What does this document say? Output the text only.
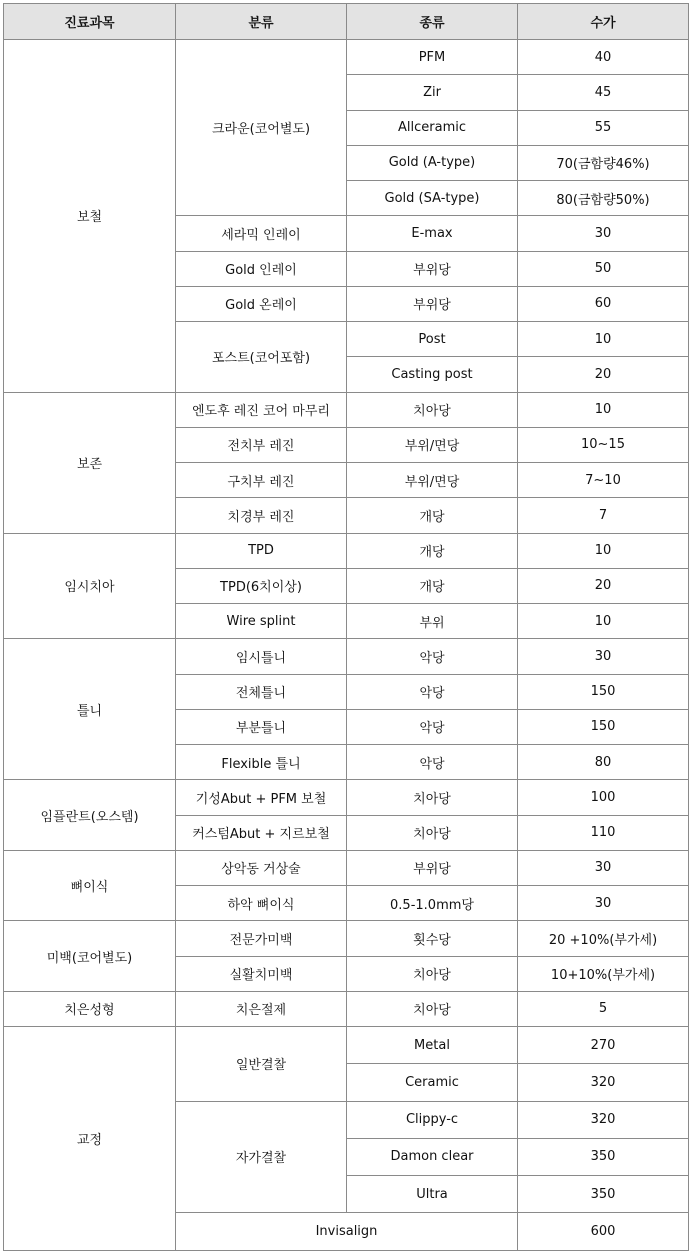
진료과목	분류	종류	수가
보철	크라운(코어별도)	PFM	40
		Zir	45
		Allceramic	55
		Gold (A-type)	70(금함량46%)
		Gold (SA-type)	80(금함량50%)
	세라믹 인레이	E-max	30
	Gold 인레이	부위당	50
	Gold 온레이	부위당	60
	포스트(코어포함)	Post	10
		Casting post	20
보존	엔도후 레진 코어 마무리	치아당	10
	전치부 레진	부위/면당	10~15
	구치부 레진	부위/면당	7~10
	치경부 레진	개당	7
임시치아	TPD	개당	10
	TPD(6치이상)	개당	20
	Wire splint	부위	10
틀니	임시틀니	악당	30
	전체틀니	악당	150
	부분틀니	악당	150
	Flexible 틀니	악당	80
임플란트(오스템)	기성Abut + PFM 보철	치아당	100
	커스텀Abut + 지르보철	치아당	110
뼈이식	상악동 거상술	부위당	30
	하악 뼈이식	0.5-1.0mm당	30
미백(코어별도)	전문가미백	횟수당	20 +10%(부가세)
	실활치미백	치아당	10+10%(부가세)
치은성형	치은절제	치아당	5
교정	일반결찰	Metal	270
		Ceramic	320
	자가결찰	Clippy-c	320
		Damon clear	350
		Ultra	350
	Invisalign		600
